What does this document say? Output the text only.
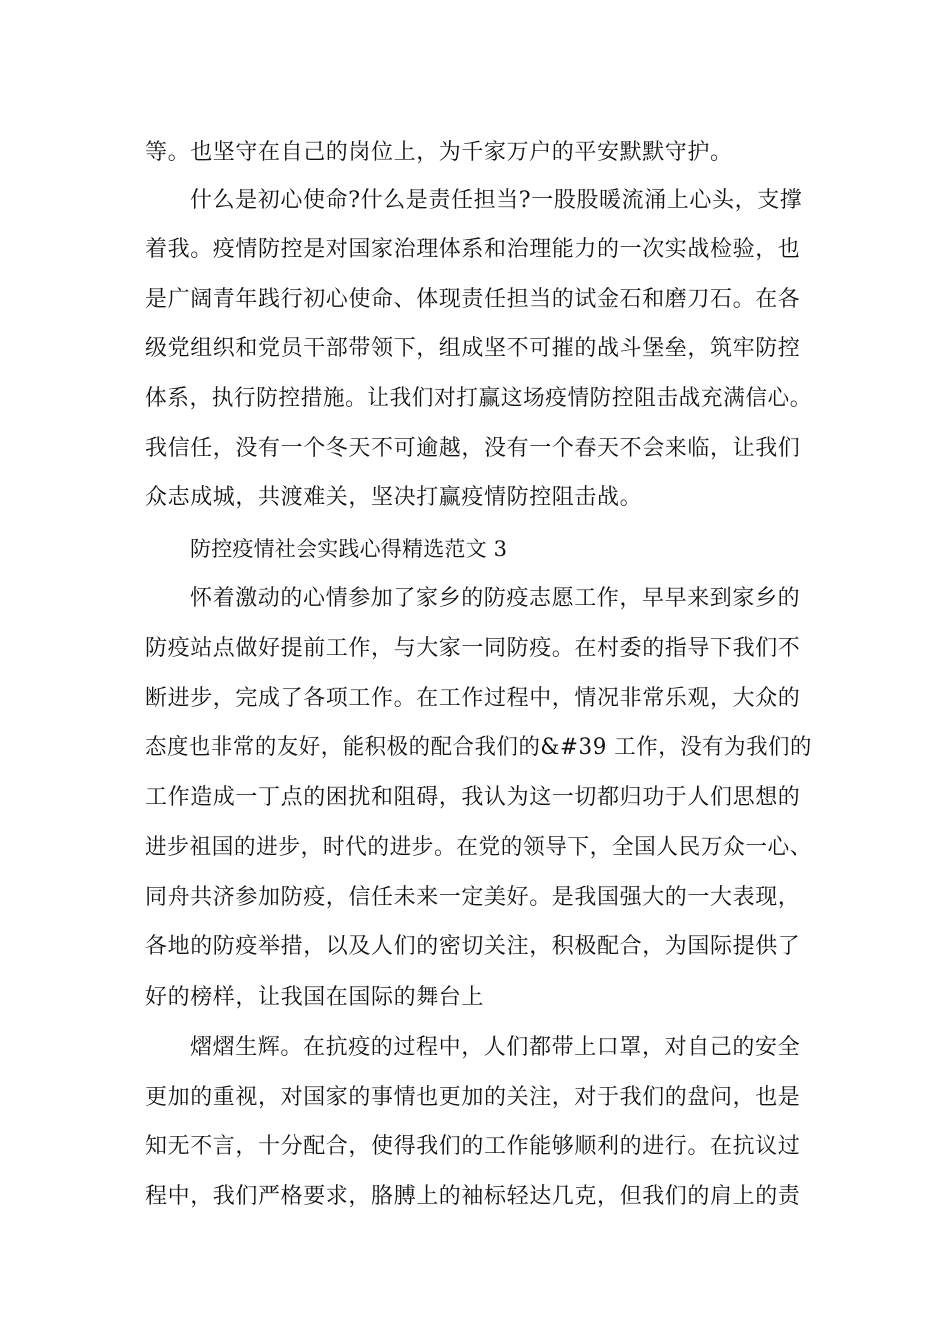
等。也坚守在自己的岗位上，为千家万户的平安默默守护。
什么是初心使命?什么是责任担当?一股股暖流涌上心头，支撑
着我。疫情防控是对国家治理体系和治理能力的一次实战检验，也
是广阔青年践行初心使命、体现责任担当的试金石和磨刀石。在各
级党组织和党员干部带领下，组成坚不可摧的战斗堡垒，筑牢防控
体系，执行防控措施。让我们对打赢这场疫情防控阻击战充满信心。
我信任，没有一个冬天不可逾越，没有一个春天不会来临，让我们
众志成城，共渡难关，坚决打赢疫情防控阻击战。
防控疫情社会实践心得精选范文 3
怀着激动的心情参加了家乡的防疫志愿工作，早早来到家乡的
防疫站点做好提前工作，与大家一同防疫。在村委的指导下我们不
断进步，完成了各项工作。在工作过程中，情况非常乐观，大众的
态度也非常的友好，能积极的配合我们的&#39 工作，没有为我们的
工作造成一丁点的困扰和阻碍，我认为这一切都归功于人们思想的
进步祖国的进步，时代的进步。在党的领导下，全国人民万众一心、
同舟共济参加防疫，信任未来一定美好。是我国强大的一大表现，
各地的防疫举措，以及人们的密切关注，积极配合，为国际提供了
好的榜样，让我国在国际的舞台上
熠熠生辉。在抗疫的过程中，人们都带上口罩，对自己的安全
更加的重视，对国家的事情也更加的关注，对于我们的盘问，也是
知无不言，十分配合，使得我们的工作能够顺利的进行。在抗议过
程中，我们严格要求，胳膊上的袖标轻达几克，但我们的肩上的责
